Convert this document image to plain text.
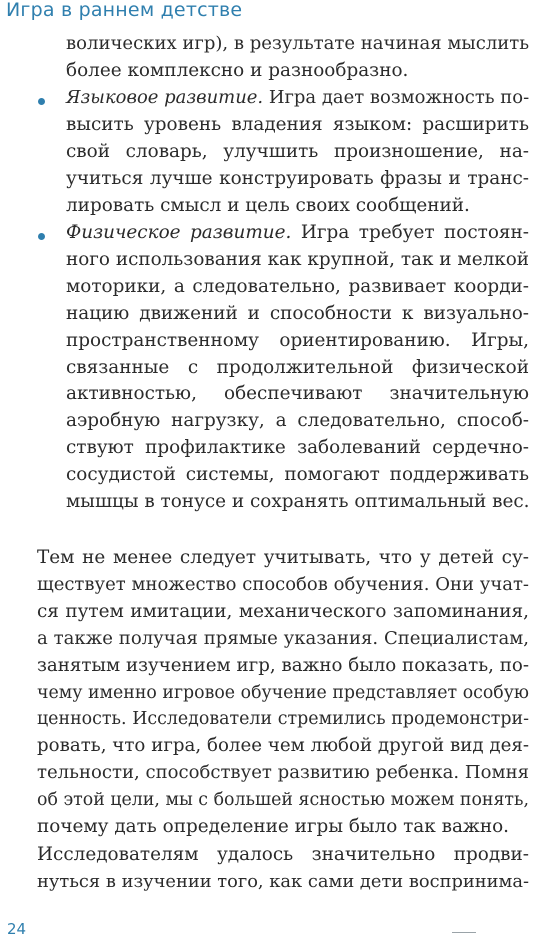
Игра в раннем детстве
волических игр), в результате начиная мыслить
более комплексно и разнообразно.
Языковое развитие. Игра дает возможность по-
высить уровень владения языком: расширить
свой словарь, улучшить произношение, на-
учиться лучше конструировать фразы и транс-
лировать смысл и цель своих сообщений.
Физическое развитие. Игра требует постоян-
ного использования как крупной, так и мелкой
моторики, а следовательно, развивает коорди-
нацию движений и способности к визуально-
пространственному ориентированию. Игры,
связанные с продолжительной физической
активностью, обеспечивают значительную
аэробную нагрузку, а следовательно, способ-
ствуют профилактике заболеваний сердечно-
сосудистой системы, помогают поддерживать
мышцы в тонусе и сохранять оптимальный вес.
Тем не менее следует учитывать, что у детей су-
ществует множество способов обучения. Они учат-
ся путем имитации, механического запоминания,
а также получая прямые указания. Специалистам,
занятым изучением игр, важно было показать, по-
чему именно игровое обучение представляет особую
ценность. Исследователи стремились продемонстри-
ровать, что игра, более чем любой другой вид дея-
тельности, способствует развитию ребенка. Помня
об этой цели, мы с большей ясностью можем понять,
почему дать определение игры было так важно.
Исследователям удалось значительно продви-
нуться в изучении того, как сами дети воспринима-
24
